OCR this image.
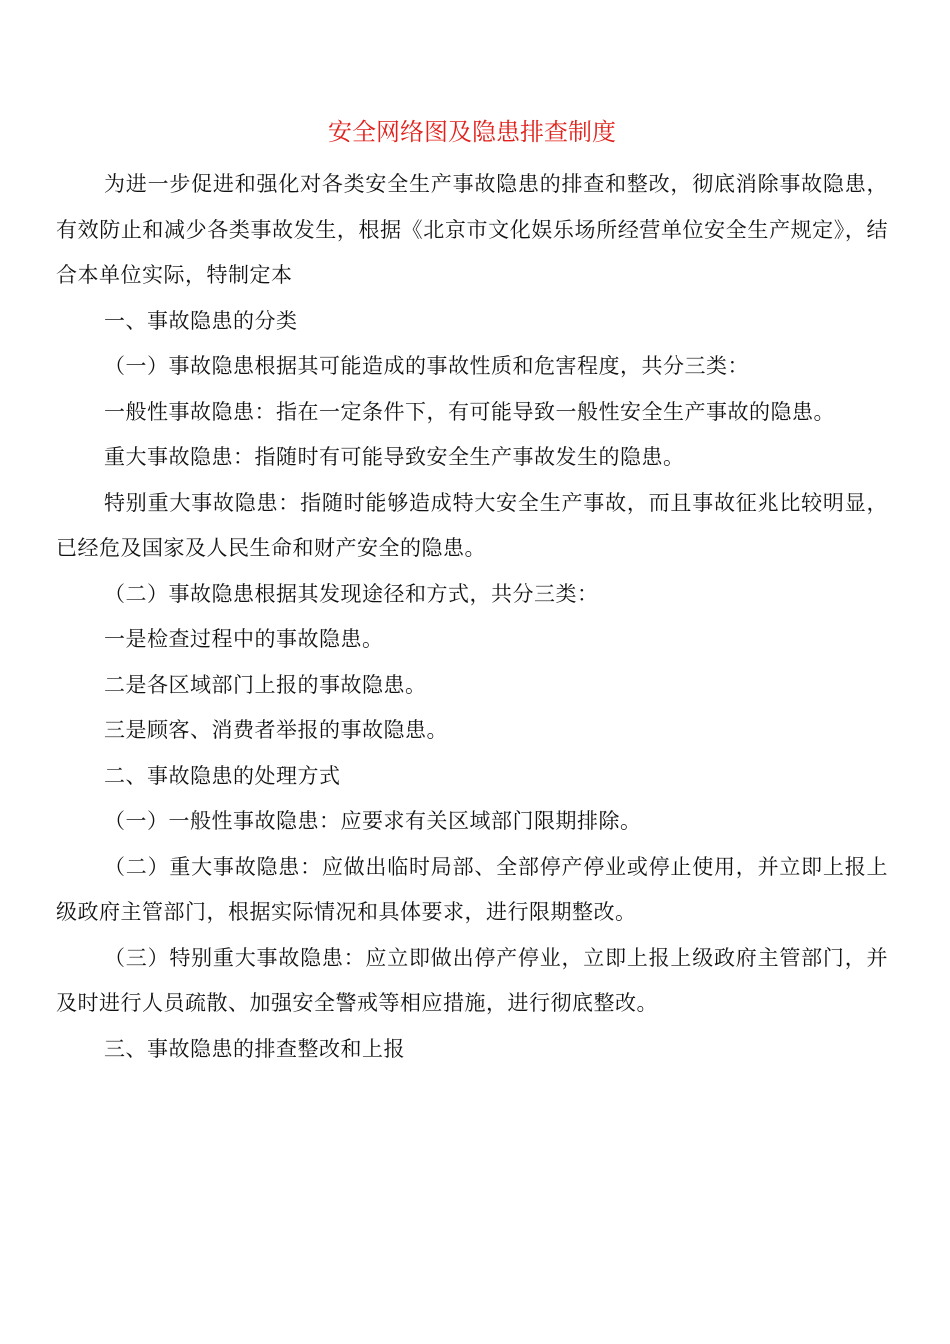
安全网络图及隐患排查制度

为进一步促进和强化对各类安全生产事故隐患的排查和整改，彻底消除事故隐患，有效防止和减少各类事故发生，根据《北京市文化娱乐场所经营单位安全生产规定》，结合本单位实际，特制定本

一、事故隐患的分类

（一）事故隐患根据其可能造成的事故性质和危害程度，共分三类：

一般性事故隐患：指在一定条件下，有可能导致一般性安全生产事故的隐患。

重大事故隐患：指随时有可能导致安全生产事故发生的隐患。

特别重大事故隐患：指随时能够造成特大安全生产事故，而且事故征兆比较明显，已经危及国家及人民生命和财产安全的隐患。

（二）事故隐患根据其发现途径和方式，共分三类：

一是检查过程中的事故隐患。

二是各区域部门上报的事故隐患。

三是顾客、消费者举报的事故隐患。

二、事故隐患的处理方式

（一）一般性事故隐患：应要求有关区域部门限期排除。

（二）重大事故隐患：应做出临时局部、全部停产停业或停止使用，并立即上报上级政府主管部门，根据实际情况和具体要求，进行限期整改。

（三）特别重大事故隐患：应立即做出停产停业，立即上报上级政府主管部门，并及时进行人员疏散、加强安全警戒等相应措施，进行彻底整改。

三、事故隐患的排查整改和上报
